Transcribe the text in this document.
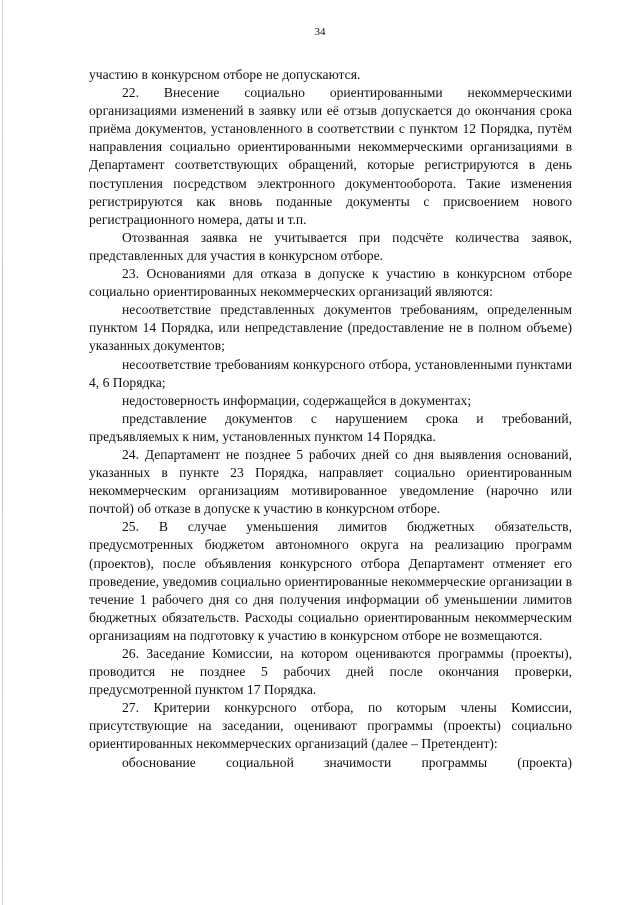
34

участию в конкурсном отборе не допускаются.

22. Внесение социально ориентированными некоммерческими организациями изменений в заявку или её отзыв допускается до окончания срока приёма документов, установленного в соответствии с пунктом 12 Порядка, путём направления социально ориентированными некоммерческими организациями в Департамент соответствующих обращений, которые регистрируются в день поступления посредством электронного документооборота. Такие изменения регистрируются как вновь поданные документы с присвоением нового регистрационного номера, даты и т.п.

Отозванная заявка не учитывается при подсчёте количества заявок, представленных для участия в конкурсном отборе.

23. Основаниями для отказа в допуске к участию в конкурсном отборе социально ориентированных некоммерческих организаций являются:

несоответствие представленных документов требованиям, определенным пунктом 14 Порядка, или непредставление (предоставление не в полном объеме) указанных документов;

несоответствие требованиям конкурсного отбора, установленными пунктами 4, 6 Порядка;

недостоверность информации, содержащейся в документах;

представление документов с нарушением срока и требований, предъявляемых к ним, установленных пунктом 14 Порядка.

24. Департамент не позднее 5 рабочих дней со дня выявления оснований, указанных в пункте 23 Порядка, направляет социально ориентированным некоммерческим организациям мотивированное уведомление (нарочно или почтой) об отказе в допуске к участию в конкурсном отборе.

25. В случае уменьшения лимитов бюджетных обязательств, предусмотренных бюджетом автономного округа на реализацию программ (проектов), после объявления конкурсного отбора Департамент отменяет его проведение, уведомив социально ориентированные некоммерческие организации в течение 1 рабочего дня со дня получения информации об уменьшении лимитов бюджетных обязательств. Расходы социально ориентированным некоммерческим организациям на подготовку к участию в конкурсном отборе не возмещаются.

26. Заседание Комиссии, на котором оцениваются программы (проекты), проводится не позднее 5 рабочих дней после окончания проверки, предусмотренной пунктом 17 Порядка.

27. Критерии конкурсного отбора, по которым члены Комиссии, присутствующие на заседании, оценивают программы (проекты) социально ориентированных некоммерческих организаций (далее – Претендент):

обоснование социальной значимости программы (проекта)
